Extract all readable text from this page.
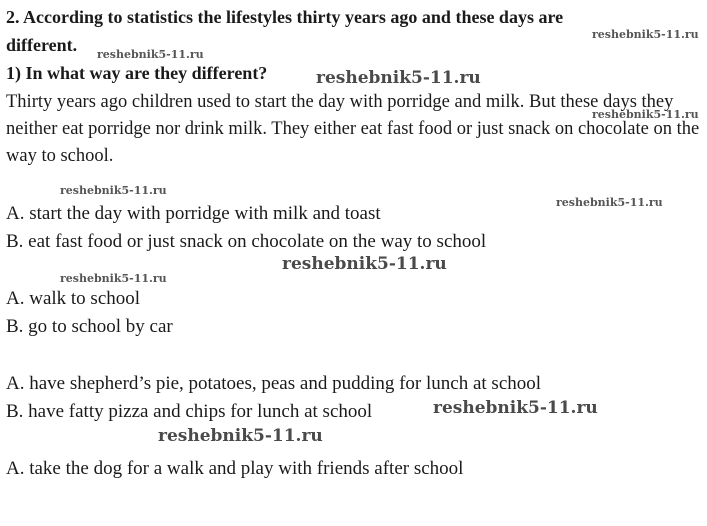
2. According to statistics the lifestyles thirty years ago and these days are
different.
1) In what way are they different?
Thirty years ago children used to start the day with porridge and milk. But these days they neither eat porridge nor drink milk. They either eat fast food or just snack on chocolate on the way to school.
A. start the day with porridge with milk and toast
B. eat fast food or just snack on chocolate on the way to school
A. walk to school
B. go to school by car
A. have shepherd’s pie, potatoes, peas and pudding for lunch at school
B. have fatty pizza and chips for lunch at school
A. take the dog for a walk and play with friends after school
reshebnik5-11.ru
reshebnik5-11.ru
reshebnik5-11.ru
reshebnik5-11.ru
reshebnik5-11.ru
reshebnik5-11.ru
reshebnik5-11.ru
reshebnik5-11.ru
reshebnik5-11.ru
reshebnik5-11.ru
